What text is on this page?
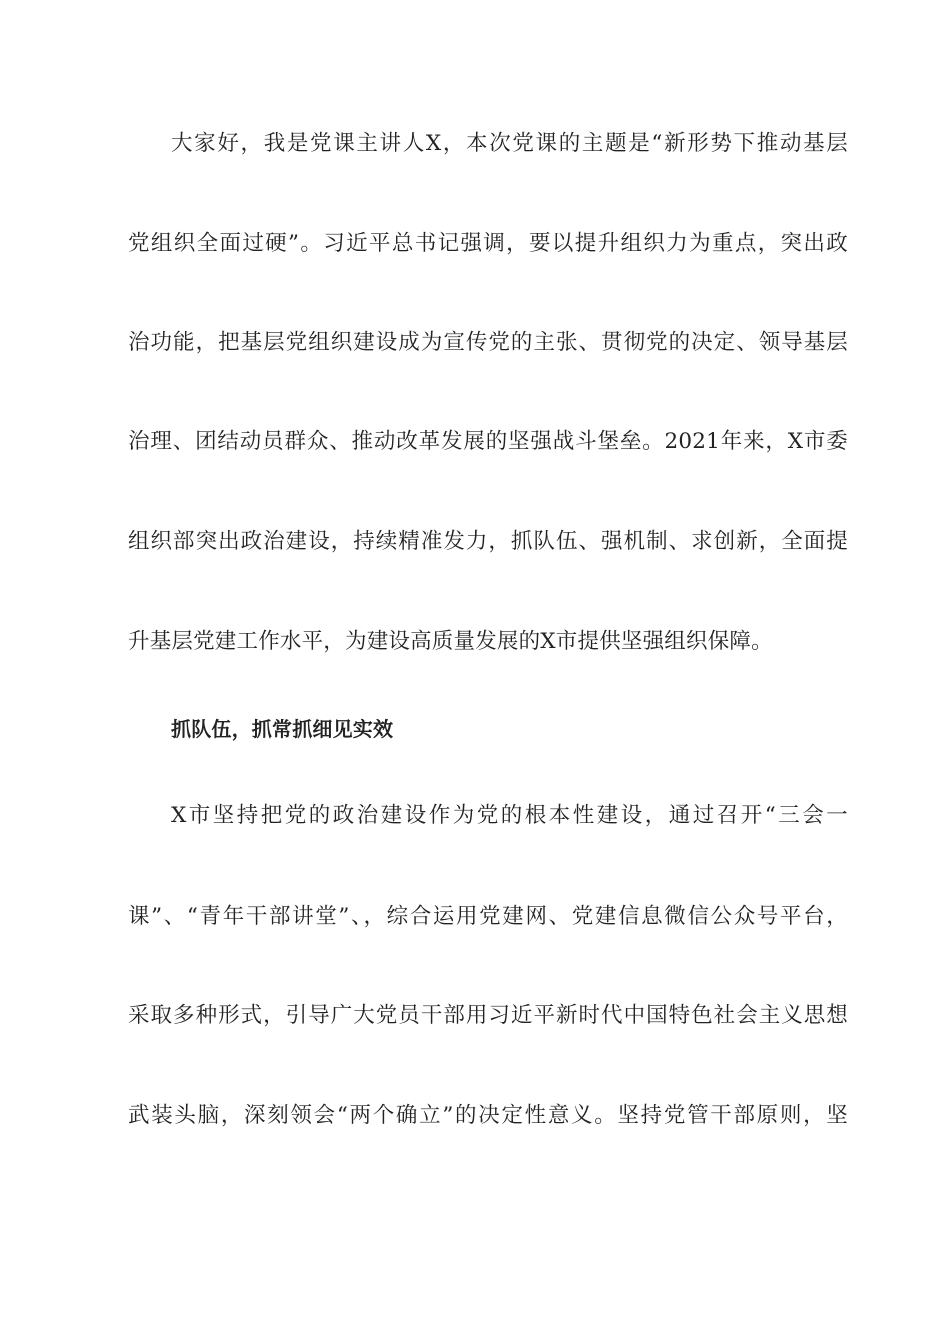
大家好，我是党课主讲人X，本次党课的主题是“新形势下推动基层
党组织全面过硬”。习近平总书记强调，要以提升组织力为重点，突出政
治功能，把基层党组织建设成为宣传党的主张、贯彻党的决定、领导基层
治理、团结动员群众、推动改革发展的坚强战斗堡垒。2021年来，X市委
组织部突出政治建设，持续精准发力，抓队伍、强机制、求创新，全面提
升基层党建工作水平，为建设高质量发展的X市提供坚强组织保障。
抓队伍，抓常抓细见实效
X市坚持把党的政治建设作为党的根本性建设，通过召开“三会一
课”、“青年干部讲堂”、，综合运用党建网、党建信息微信公众号平台，
采取多种形式，引导广大党员干部用习近平新时代中国特色社会主义思想
武装头脑，深刻领会“两个确立”的决定性意义。坚持党管干部原则，坚
